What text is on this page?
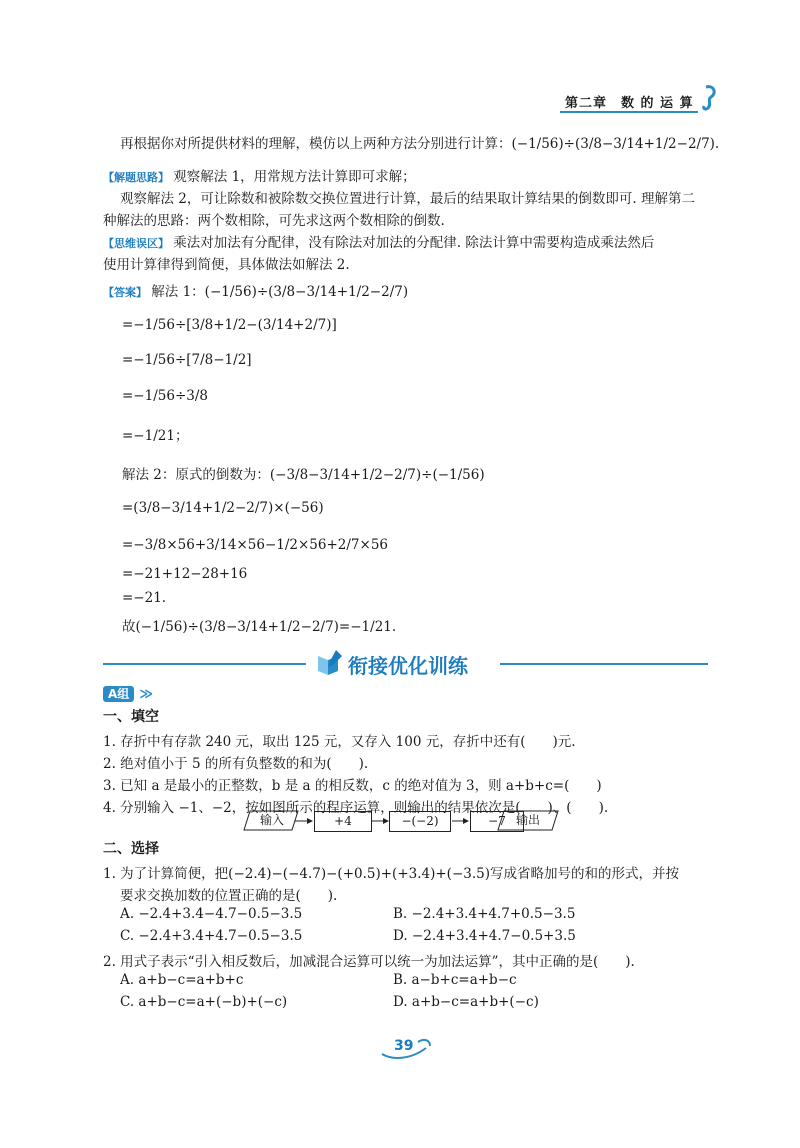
第二章　数 的 运 算
再根据你对所提供材料的理解，模仿以上两种方法分别进行计算：(−1/56)÷(3/8−3/14+1/2−2/7).
【解题思路】 观察解法 1，用常规方法计算即可求解；
观察解法 2，可让除数和被除数交换位置进行计算，最后的结果取计算结果的倒数即可. 理解第二
种解法的思路：两个数相除，可先求这两个数相除的倒数.
【思维误区】 乘法对加法有分配律，没有除法对加法的分配律. 除法计算中需要构造成乘法然后
使用计算律得到简便，具体做法如解法 2.
【答案】 解法 1：(−1/56)÷(3/8−3/14+1/2−2/7)
=−1/56÷[3/8+1/2−(3/14+2/7)]
=−1/56÷[7/8−1/2]
=−1/56÷3/8
=−1/21；
解法 2：原式的倒数为：(−3/8−3/14+1/2−2/7)÷(−1/56)
=(3/8−3/14+1/2−2/7)×(−56)
=−3/8×56+3/14×56−1/2×56+2/7×56
=−21+12−28+16
=−21.
故(−1/56)÷(3/8−3/14+1/2−2/7)=−1/21.
衔接优化训练
A组 ≫
一、填空
1. 存折中有存款 240 元，取出 125 元，又存入 100 元，存折中还有(　　)元.
2. 绝对值小于 5 的所有负整数的和为(　　).
3. 已知 a 是最小的正整数，b 是 a 的相反数，c 的绝对值为 3，则 a+b+c=(　　)
4. 分别输入 −1、−2，按如图所示的程序运算，则输出的结果依次是(　　)、(　　).
输入	+4	−(−2)	−7 输出
二、选择
1. 为了计算简便，把(−2.4)−(−4.7)−(+0.5)+(+3.4)+(−3.5)写成省略加号的和的形式，并按
要求交换加数的位置正确的是(　　).
A. −2.4+3.4−4.7−0.5−3.5	B. −2.4+3.4+4.7+0.5−3.5
C. −2.4+3.4+4.7−0.5−3.5	D. −2.4+3.4+4.7−0.5+3.5
2. 用式子表示“引入相反数后，加减混合运算可以统一为加法运算”，其中正确的是(　　).
A. a+b−c=a+b+c	B. a−b+c=a+b−c
C. a+b−c=a+(−b)+(−c)	D. a+b−c=a+b+(−c)
39
